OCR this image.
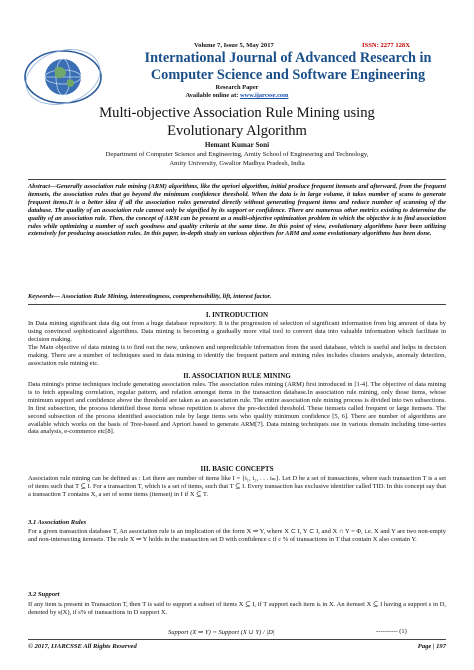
Volume 7, Issue 5, May 2017	ISSN: 2277 128X
International Journal of Advanced Research in
Computer Science and Software Engineering
Research Paper
Available online at: www.ijarcsse.com
Multi-objective Association Rule Mining using
Evolutionary Algorithm
Hemant Kumar Soni
Department of Computer Science and Engineering, Amity School of Engineering and Technology,
Amity University, Gwalior Madhya Pradesh, India
Abstract—Generally association rule mining (ARM) algorithms, like the apriori algorithm, initial produce frequent itemsets and afterward, from the frequent itemsets, the association rules that go beyond the minimum confidence threshold. When the data is in large volume, it takes number of scans to generate frequent items.It is a better idea if all the association rules generated directly without generating frequent items and reduce number of scanning of the database. The quality of an association rule cannot only be signified by its support or confidence. There are numerous other metrics existing to determine the quality of an association rule. Then, the concept of ARM can be present as a multi-objective optimization problem in which the objective is to find association rules while optimizing a number of such goodness and quality criteria at the same time. In this point of view, evolutionary algorithms have been utilizing extensively for producing association rules. In this paper, in-depth study on various objectives for ARM and some evolutionary algorithms has been done.
Keywords— Association Rule Mining, interestingness, comprehensibility, lift, interest factor.
I. INTRODUCTION
In Data mining significant data dig out from a huge database repository. It is the progression of selection of significant information from big amount of data by using convinced sophisticated algorithms. Data mining is becoming a gradually more vital tool to convert data into valuable information which facilitate in decision making.
The Main objective of data mining is to find out the new, unknown and unpredictable information from the used database, which is useful and helps in decision making. There are a number of techniques used in data mining to identify the frequent pattern and mining rules includes clusters analysis, anomaly detection, association rule mining etc.
II. ASSOCIATION RULE MINING
Data mining's prime techniques include generating association rules. The association rules mining (ARM) first introduced in [1-4]. The objective of data mining is to fetch appealing correlation, regular pattern, and relation amongst items in the transaction database.In association rule mining, only those items, whose minimum support and confidence above the threshold are taken as an association rule. The entire association rule mining process is divided into two subsections. In first subsection, the process identified those items whose repetition is above the pre-decided threshold. These itemsets called frequent or large itemsets. The second subsection of the process identified association rule by large items sets who qualify minimum confidence [5, 6]. There are number of algorithms are available which works on the basis of Tree-based and Apriori based to generate ARM[7]. Data mining techniques use in various domain including time-series data analysis, e-commerce etc[8].
III. BASIC CONCEPTS
Association rule mining can be defined as : Let there are number of items like I = {i₁, i₂, . . . iₘ}. Let D be a set of transactions, where each transaction T is a set of items such that T ⊆ I. For a transaction T, which is a set of items, such that T ⊆ I. Every transaction has exclusive identifier called TID. In this concept say that a transaction T contains X, a set of some items (itemset) in I if X ⊆ T.
3.1 Association Rules
For a given transaction database T, An association rule is an implication of the form X ⇒ Y, where X ⊂ I, Y ⊂ I, and X ∩ Y = Φ, i.e. X and Y are two non-empty and non-intersecting itemsets. The rule X ⇒ Y holds in the transaction set D with confidence c if c % of transactions in T that contain X also contain Y.
3.2 Support
If any item iₖ present in Transaction T, then T is said to support a subset of items X ⊆ I, if T support each item iₖ in X. An itemset X ⊆ I having a support s in D, denoted by s(X), if s% of transactions in D support X.
Support (X ⇒ Y) = Support (X ∪ Y) / |D|	---------- (1)
© 2017, IJARCSSE All Rights Reserved	Page | 197
